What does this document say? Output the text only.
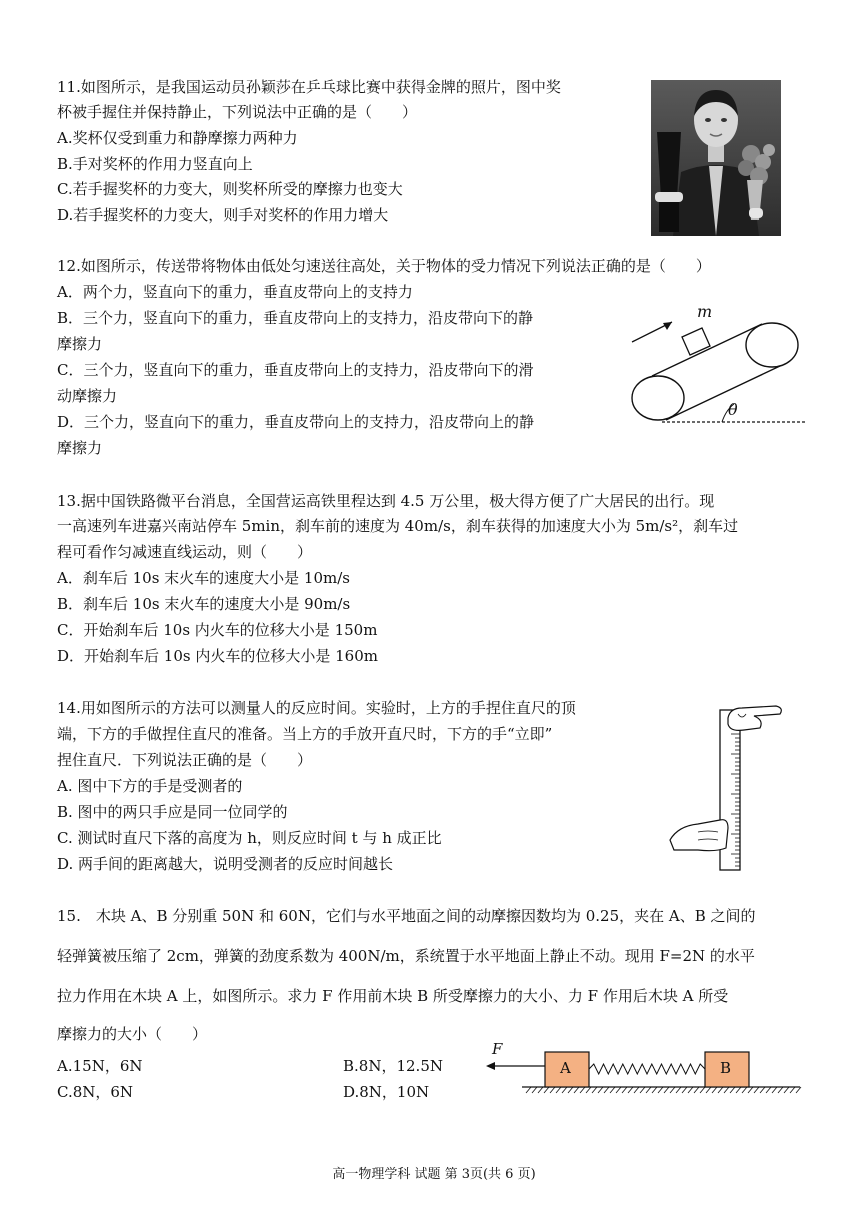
11.如图所示，是我国运动员孙颖莎在乒乓球比赛中获得金牌的照片，图中奖
杯被手握住并保持静止，下列说法中正确的是（　　）
A.奖杯仅受到重力和静摩擦力两种力
B.手对奖杯的作用力竖直向上
C.若手握奖杯的力变大，则奖杯所受的摩擦力也变大
D.若手握奖杯的力变大，则手对奖杯的作用力增大
12.如图所示，传送带将物体由低处匀速送往高处，关于物体的受力情况下列说法正确的是（　　）
A．两个力，竖直向下的重力，垂直皮带向上的支持力
B．三个力，竖直向下的重力，垂直皮带向上的支持力，沿皮带向下的静
摩擦力
C．三个力，竖直向下的重力，垂直皮带向上的支持力，沿皮带向下的滑
动摩擦力
D．三个力，竖直向下的重力，垂直皮带向上的支持力，沿皮带向上的静
摩擦力
m
θ
13.据中国铁路微平台消息，全国营运高铁里程达到 4.5 万公里，极大得方便了广大居民的出行。现
一高速列车进嘉兴南站停车 5min，刹车前的速度为 40m/s，刹车获得的加速度大小为 5m/s²，刹车过
程可看作匀减速直线运动，则（　　）
A．刹车后 10s 末火车的速度大小是 10m/s
B．刹车后 10s 末火车的速度大小是 90m/s
C．开始刹车后 10s 内火车的位移大小是 150m
D．开始刹车后 10s 内火车的位移大小是 160m
14.用如图所示的方法可以测量人的反应时间。实验时，上方的手捏住直尺的顶
端，下方的手做捏住直尺的准备。当上方的手放开直尺时，下方的手“立即”
捏住直尺．下列说法正确的是（　　）
A. 图中下方的手是受测者的
B. 图中的两只手应是同一位同学的
C. 测试时直尺下落的高度为 h，则反应时间 t 与 h 成正比
D. 两手间的距离越大，说明受测者的反应时间越长
15.　木块 A、B 分别重 50N 和 60N，它们与水平地面之间的动摩擦因数均为 0.25，夹在 A、B 之间的
轻弹簧被压缩了 2cm，弹簧的劲度系数为 400N/m，系统置于水平地面上静止不动。现用 F=2N 的水平
拉力作用在木块 A 上，如图所示。求力 F 作用前木块 B 所受摩擦力的大小、力 F 作用后木块 A 所受
摩擦力的大小（　　）
A.15N，6N	B.8N，12.5N
C.8N，6N	D.8N，10N
F
A	B
高一物理学科 试题 第 3页(共 6 页)
